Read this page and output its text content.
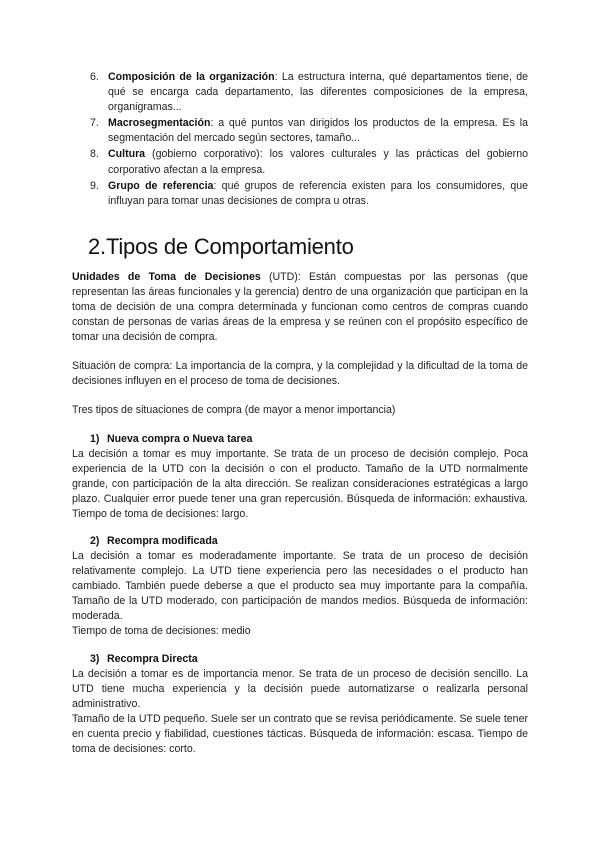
6. Composición de la organización: La estructura interna, qué departamentos tiene, de qué se encarga cada departamento, las diferentes composiciones de la empresa, organigramas...
7. Macrosegmentación: a qué puntos van dirigidos los productos de la empresa. Es la segmentación del mercado según sectores, tamaño...
8. Cultura (gobierno corporativo): los valores culturales y las prácticas del gobierno corporativo afectan a la empresa.
9. Grupo de referencia: qué grupos de referencia existen para los consumidores, que influyan para tomar unas decisiones de compra u otras.
2.Tipos de Comportamiento

Unidades de Toma de Decisiones (UTD): Están compuestas por las personas (que representan las áreas funcionales y la gerencia) dentro de una organización que participan en la toma de decisión de una compra determinada y funcionan como centros de compras cuando constan de personas de varias áreas de la empresa y se reúnen con el propósito específico de tomar una decisión de compra.

Situación de compra: La importancia de la compra, y la complejidad y la dificultad de la toma de decisiones influyen en el proceso de toma de decisiones.

Tres tipos de situaciones de compra (de mayor a menor importancia)

1) Nueva compra o Nueva tarea

La decisión a tomar es muy importante. Se trata de un proceso de decisión complejo. Poca experiencia de la UTD con la decisión o con el producto. Tamaño de la UTD normalmente grande, con participación de la alta dirección. Se realizan consideraciones estratégicas a largo plazo. Cualquier error puede tener una gran repercusión. Búsqueda de información: exhaustiva. Tiempo de toma de decisiones: largo.

2) Recompra modificada

La decisión a tomar es moderadamente importante. Se trata de un proceso de decisión relativamente complejo. La UTD tiene experiencia pero las necesidades o el producto han cambiado. También puede deberse a que el producto sea muy importante para la compañía. Tamaño de la UTD moderado, con participación de mandos medios. Búsqueda de información: moderada.

Tiempo de toma de decisiones: medio

3) Recompra Directa

La decisión a tomar es de importancia menor. Se trata de un proceso de decisión sencillo. La UTD tiene mucha experiencia y la decisión puede automatizarse o realizarla personal administrativo.

Tamaño de la UTD pequeño. Suele ser un contrato que se revisa periódicamente. Se suele tener en cuenta precio y fiabilidad, cuestiones tácticas. Búsqueda de información: escasa. Tiempo de toma de decisiones: corto.
